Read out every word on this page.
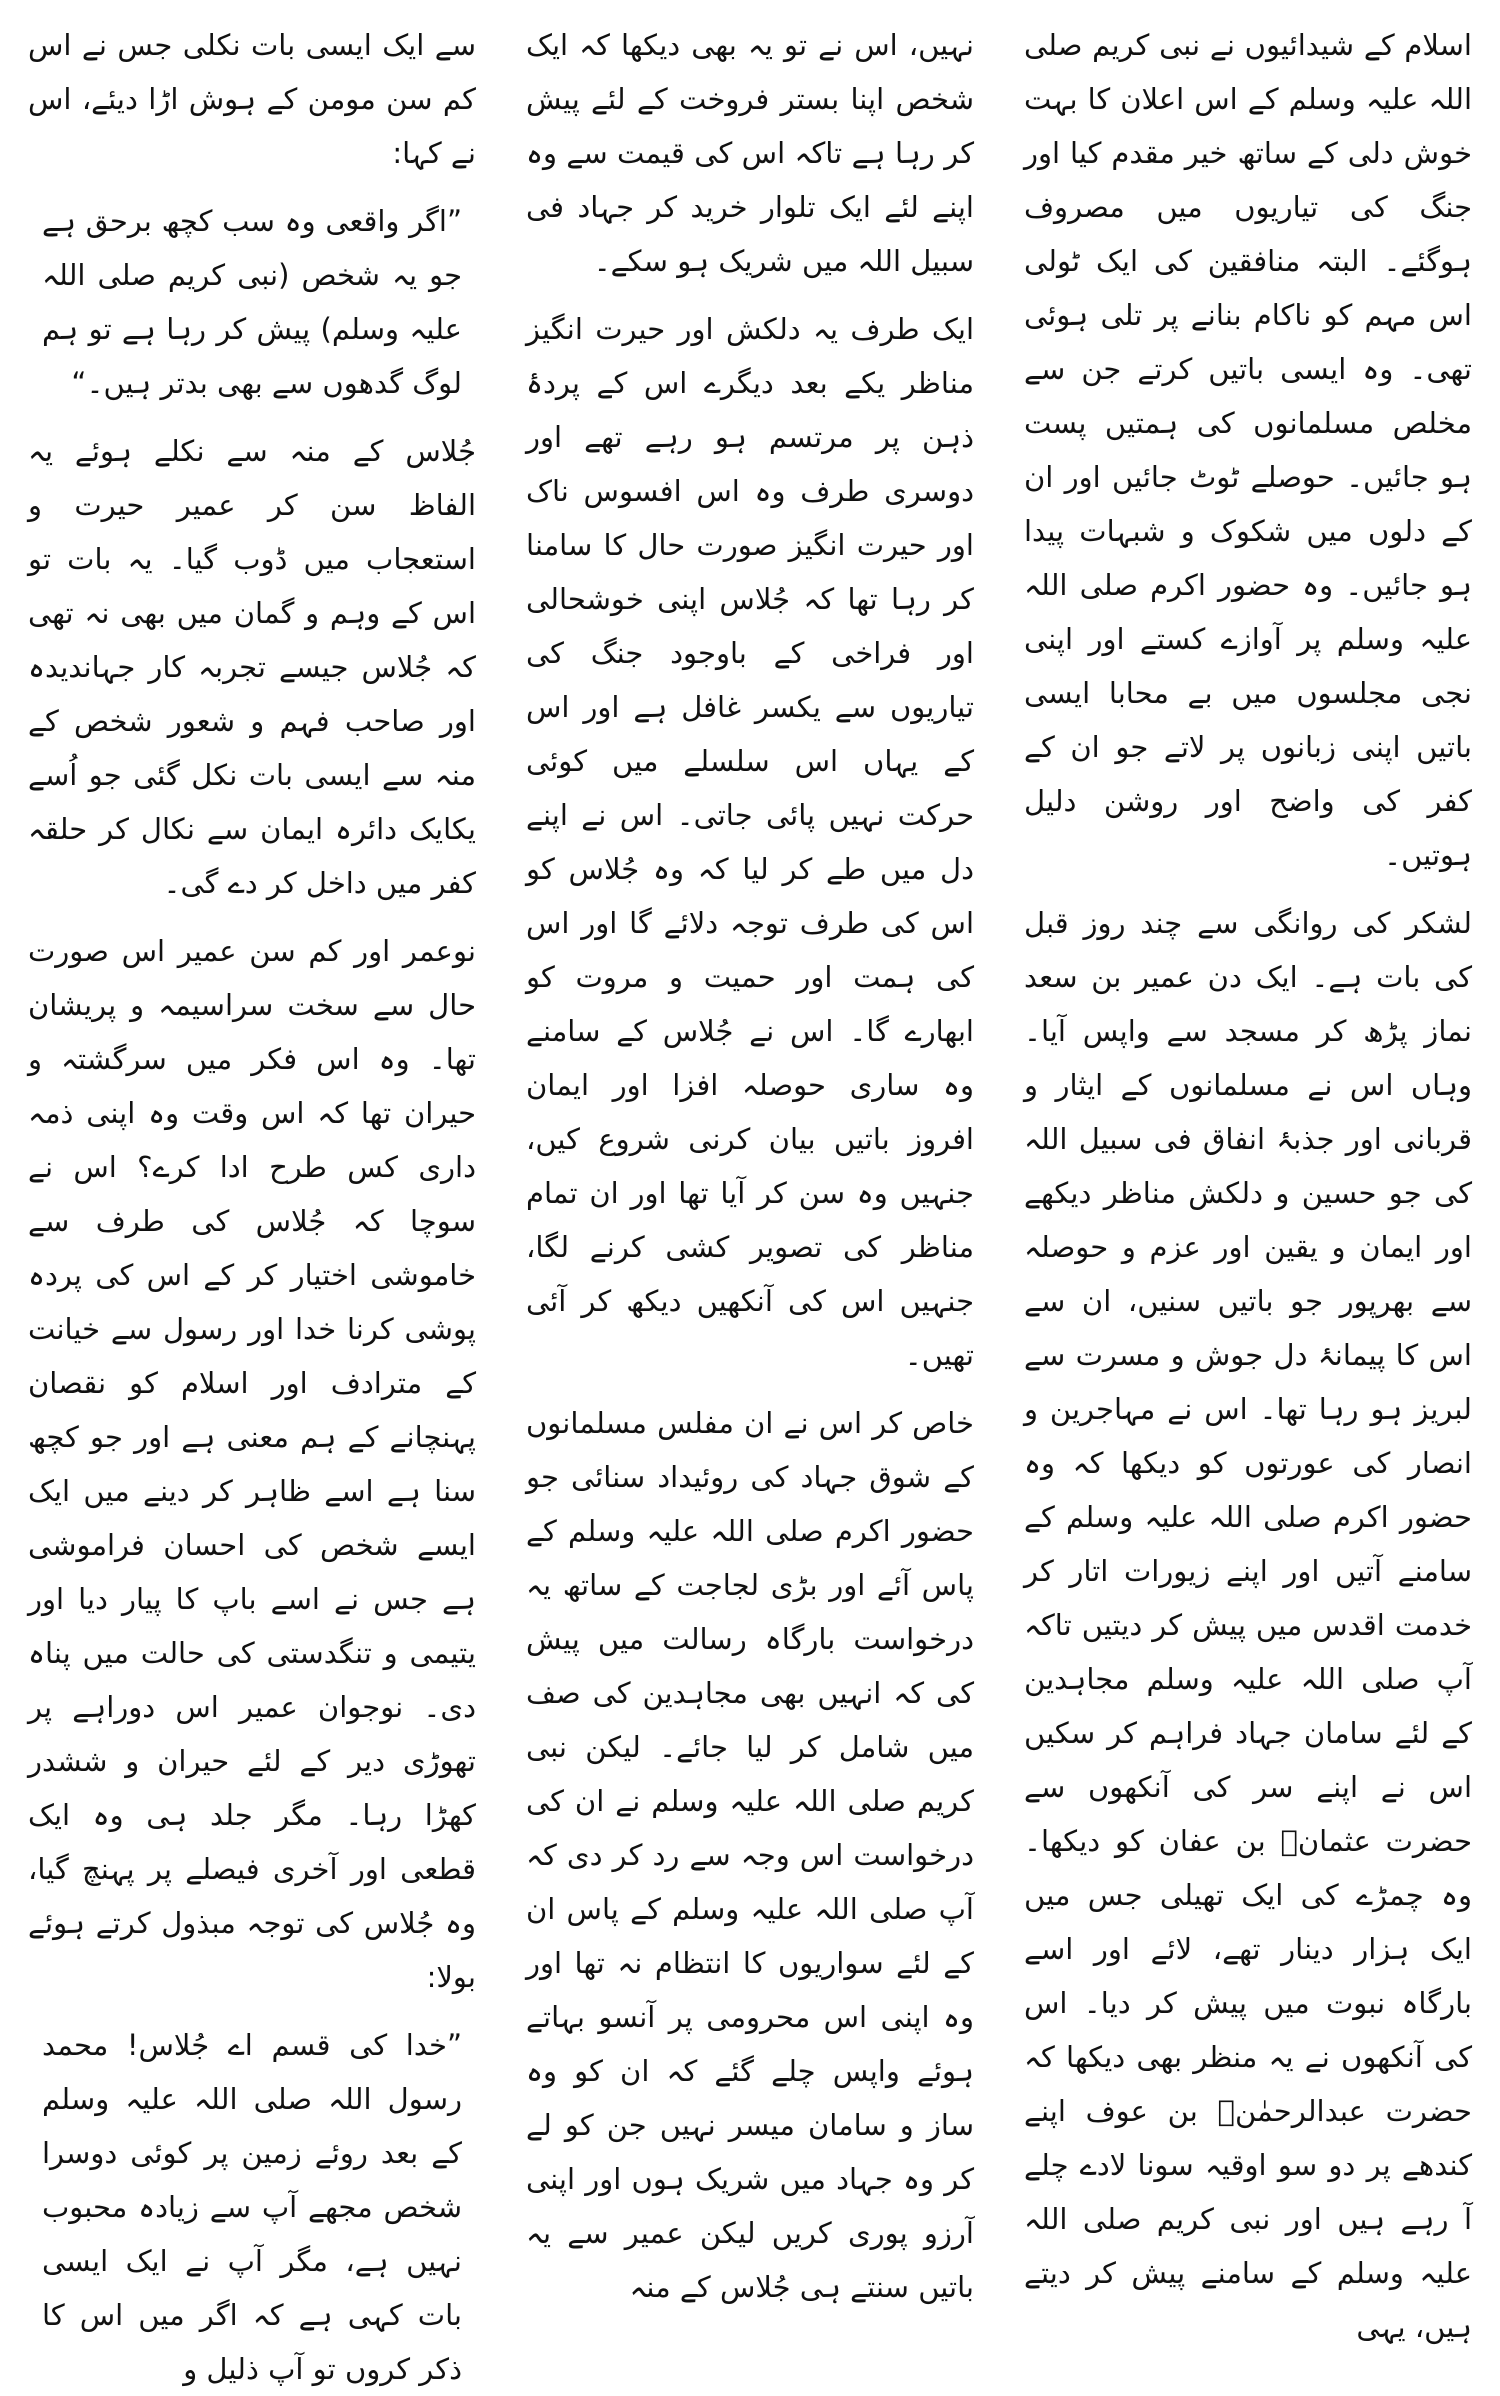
اسلام کے شیدائیوں نے نبی کریم صلی اللہ علیہ وسلم کے اس اعلان کا بہت خوش دلی کے ساتھ خیر مقدم کیا اور جنگ کی تیاریوں میں مصروف ہوگئے۔ البتہ منافقین کی ایک ٹولی اس مہم کو ناکام بنانے پر تلی ہوئی تھی۔ وہ ایسی باتیں کرتے جن سے مخلص مسلمانوں کی ہمتیں پست ہو جائیں۔ حوصلے ٹوٹ جائیں اور ان کے دلوں میں شکوک و شبہات پیدا ہو جائیں۔ وہ حضور اکرم صلی اللہ علیہ وسلم پر آوازے کستے اور اپنی نجی مجلسوں میں بے محابا ایسی باتیں اپنی زبانوں پر لاتے جو ان کے کفر کی واضح اور روشن دلیل ہوتیں۔

لشکر کی روانگی سے چند روز قبل کی بات ہے۔ ایک دن عمیر بن سعد نماز پڑھ کر مسجد سے واپس آیا۔ وہاں اس نے مسلمانوں کے ایثار و قربانی اور جذبۂ انفاق فی سبیل اللہ کی جو حسین و دلکش مناظر دیکھے اور ایمان و یقین اور عزم و حوصلہ سے بھرپور جو باتیں سنیں، ان سے اس کا پیمانۂ دل جوش و مسرت سے لبریز ہو رہا تھا۔ اس نے مہاجرین و انصار کی عورتوں کو دیکھا کہ وہ حضور اکرم صلی اللہ علیہ وسلم کے سامنے آتیں اور اپنے زیورات اتار کر خدمت اقدس میں پیش کر دیتیں تاکہ آپ صلی اللہ علیہ وسلم مجاہدین کے لئے سامان جہاد فراہم کر سکیں اس نے اپنے سر کی آنکھوں سے حضرت عثمانؓ بن عفان کو دیکھا۔ وہ چمڑے کی ایک تھیلی جس میں ایک ہزار دینار تھے، لائے اور اسے بارگاہ نبوت میں پیش کر دیا۔ اس کی آنکھوں نے یہ منظر بھی دیکھا کہ حضرت عبدالرحمٰنؓ بن عوف اپنے کندھے پر دو سو اوقیہ سونا لادے چلے آ رہے ہیں اور نبی کریم صلی اللہ علیہ وسلم کے سامنے پیش کر دیتے ہیں، یہی

نہیں، اس نے تو یہ بھی دیکھا کہ ایک شخص اپنا بستر فروخت کے لئے پیش کر رہا ہے تاکہ اس کی قیمت سے وہ اپنے لئے ایک تلوار خرید کر جہاد فی سبیل اللہ میں شریک ہو سکے۔

ایک طرف یہ دلکش اور حیرت انگیز مناظر یکے بعد دیگرے اس کے پردۂ ذہن پر مرتسم ہو رہے تھے اور دوسری طرف وہ اس افسوس ناک اور حیرت انگیز صورت حال کا سامنا کر رہا تھا کہ جُلاس اپنی خوشحالی اور فراخی کے باوجود جنگ کی تیاریوں سے یکسر غافل ہے اور اس کے یہاں اس سلسلے میں کوئی حرکت نہیں پائی جاتی۔ اس نے اپنے دل میں طے کر لیا کہ وہ جُلاس کو اس کی طرف توجہ دلائے گا اور اس کی ہمت اور حمیت و مروت کو ابھارے گا۔ اس نے جُلاس کے سامنے وہ ساری حوصلہ افزا اور ایمان افروز باتیں بیان کرنی شروع کیں، جنہیں وہ سن کر آیا تھا اور ان تمام مناظر کی تصویر کشی کرنے لگا، جنہیں اس کی آنکھیں دیکھ کر آئی تھیں۔

خاص کر اس نے ان مفلس مسلمانوں کے شوق جہاد کی روئیداد سنائی جو حضور اکرم صلی اللہ علیہ وسلم کے پاس آئے اور بڑی لجاجت کے ساتھ یہ درخواست بارگاہ رسالت میں پیش کی کہ انہیں بھی مجاہدین کی صف میں شامل کر لیا جائے۔ لیکن نبی کریم صلی اللہ علیہ وسلم نے ان کی درخواست اس وجہ سے رد کر دی کہ آپ صلی اللہ علیہ وسلم کے پاس ان کے لئے سواریوں کا انتظام نہ تھا اور وہ اپنی اس محرومی پر آنسو بہاتے ہوئے واپس چلے گئے کہ ان کو وہ ساز و سامان میسر نہیں جن کو لے کر وہ جہاد میں شریک ہوں اور اپنی آرزو پوری کریں لیکن عمیر سے یہ باتیں سنتے ہی جُلاس کے منہ

سے ایک ایسی بات نکلی جس نے اس کم سن مومن کے ہوش اڑا دیئے، اس نے کہا:

”اگر واقعی وہ سب کچھ برحق ہے جو یہ شخص (نبی کریم صلی اللہ علیہ وسلم) پیش کر رہا ہے تو ہم لوگ گدھوں سے بھی بدتر ہیں۔“

جُلاس کے منہ سے نکلے ہوئے یہ الفاظ سن کر عمیر حیرت و استعجاب میں ڈوب گیا۔ یہ بات تو اس کے وہم و گمان میں بھی نہ تھی کہ جُلاس جیسے تجربہ کار جہاندیدہ اور صاحب فہم و شعور شخص کے منہ سے ایسی بات نکل گئی جو اُسے یکایک دائرہ ایمان سے نکال کر حلقہ کفر میں داخل کر دے گی۔

نوعمر اور کم سن عمیر اس صورت حال سے سخت سراسیمہ و پریشان تھا۔ وہ اس فکر میں سرگشتہ و حیران تھا کہ اس وقت وہ اپنی ذمہ داری کس طرح ادا کرے؟ اس نے سوچا کہ جُلاس کی طرف سے خاموشی اختیار کر کے اس کی پردہ پوشی کرنا خدا اور رسول سے خیانت کے مترادف اور اسلام کو نقصان پہنچانے کے ہم معنی ہے اور جو کچھ سنا ہے اسے ظاہر کر دینے میں ایک ایسے شخص کی احسان فراموشی ہے جس نے اسے باپ کا پیار دیا اور یتیمی و تنگدستی کی حالت میں پناہ دی۔ نوجوان عمیر اس دوراہے پر تھوڑی دیر کے لئے حیران و ششدر کھڑا رہا۔ مگر جلد ہی وہ ایک قطعی اور آخری فیصلے پر پہنچ گیا، وہ جُلاس کی توجہ مبذول کرتے ہوئے بولا:

”خدا کی قسم اے جُلاس! محمد رسول اللہ صلی اللہ علیہ وسلم کے بعد روئے زمین پر کوئی دوسرا شخص مجھے آپ سے زیادہ محبوب نہیں ہے، مگر آپ نے ایک ایسی بات کہی ہے کہ اگر میں اس کا ذکر کروں تو آپ ذلیل و
